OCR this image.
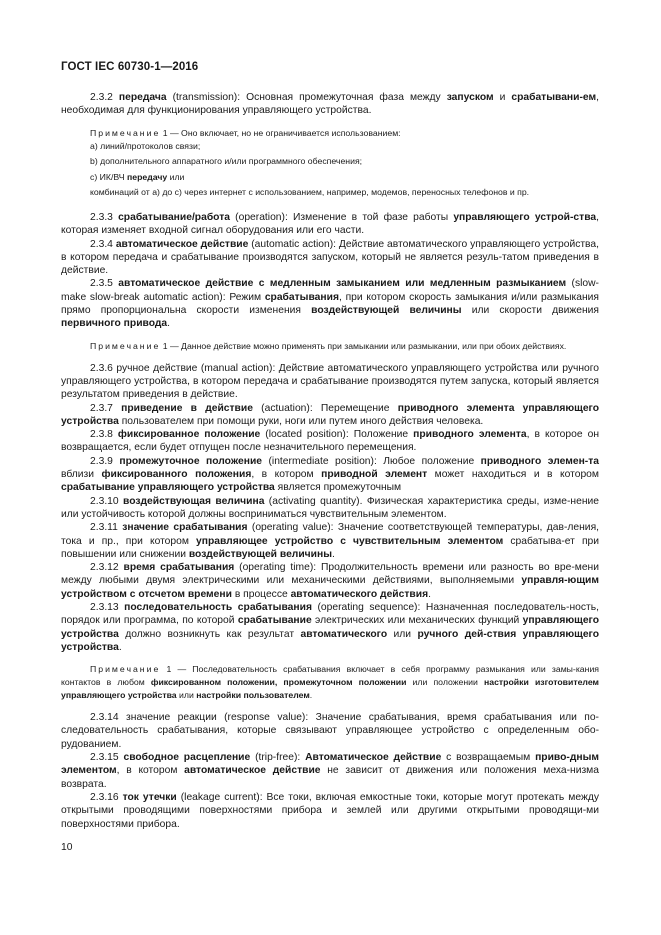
ГОСТ IEC 60730-1—2016

2.3.2 передача (transmission): Основная промежуточная фаза между запуском и срабатывани-ем, необходимая для функционирования управляющего устройства.

Примечание 1 — Оно включает, но не ограничивается использованием:

a) линий/протоколов связи;

b) дополнительного аппаратного и/или программного обеспечения;

c) ИК/ВЧ передачу или

комбинаций от a) до c) через интернет с использованием, например, модемов, переносных телефонов и пр.

2.3.3 срабатывание/работа (operation): Изменение в той фазе работы управляющего устрой-ства, которая изменяет входной сигнал оборудования или его части.

2.3.4 автоматическое действие (automatic action): Действие автоматического управляющего устройства, в котором передача и срабатывание производятся запуском, который не является резуль-татом приведения в действие.

2.3.5 автоматическое действие с медленным замыканием или медленным размыканием (slow-make slow-break automatic action): Режим срабатывания, при котором скорость замыкания и/или размыкания прямо пропорциональна скорости изменения воздействующей величины или скорости движения первичного привода.

Примечание 1 — Данное действие можно применять при замыкании или размыкании, или при обоих действиях.

2.3.6 ручное действие (manual action): Действие автоматического управляющего устройства или ручного управляющего устройства, в котором передача и срабатывание производятся путем запуска, который является результатом приведения в действие.

2.3.7 приведение в действие (actuation): Перемещение приводного элемента управляющего устройства пользователем при помощи руки, ноги или путем иного действия человека.

2.3.8 фиксированное положение (located position): Положение приводного элемента, в которое он возвращается, если будет отпущен после незначительного перемещения.

2.3.9 промежуточное положение (intermediate position): Любое положение приводного элемен-та вблизи фиксированного положения, в котором приводной элемент может находиться и в котором срабатывание управляющего устройства является промежуточным

2.3.10 воздействующая величина (activating quantity). Физическая характеристика среды, изме-нение или устойчивость которой должны восприниматься чувствительным элементом.

2.3.11 значение срабатывания (operating value): Значение соответствующей температуры, дав-ления, тока и пр., при котором управляющее устройство с чувствительным элементом срабатыва-ет при повышении или снижении воздействующей величины.

2.3.12 время срабатывания (operating time): Продолжительность времени или разность во вре-мени между любыми двумя электрическими или механическими действиями, выполняемыми управля-ющим устройством с отсчетом времени в процессе автоматического действия.

2.3.13 последовательность срабатывания (operating sequence): Назначенная последователь-ность, порядок или программа, по которой срабатывание электрических или механических функций управляющего устройства должно возникнуть как результат автоматического или ручного дей-ствия управляющего устройства.

Примечание 1 — Последовательность срабатывания включает в себя программу размыкания или замы-кания контактов в любом фиксированном положении, промежуточном положении или положении настройки изготовителем управляющего устройства или настройки пользователем.

2.3.14 значение реакции (response value): Значение срабатывания, время срабатывания или по-следовательность срабатывания, которые связывают управляющее устройство с определенным обо-рудованием.

2.3.15 свободное расцепление (trip-free): Автоматическое действие с возвращаемым приво-дным элементом, в котором автоматическое действие не зависит от движения или положения меха-низма возврата.

2.3.16 ток утечки (leakage current): Все токи, включая емкостные токи, которые могут протекать между открытыми проводящими поверхностями прибора и землей или другими открытыми проводящи-ми поверхностями прибора.

10
